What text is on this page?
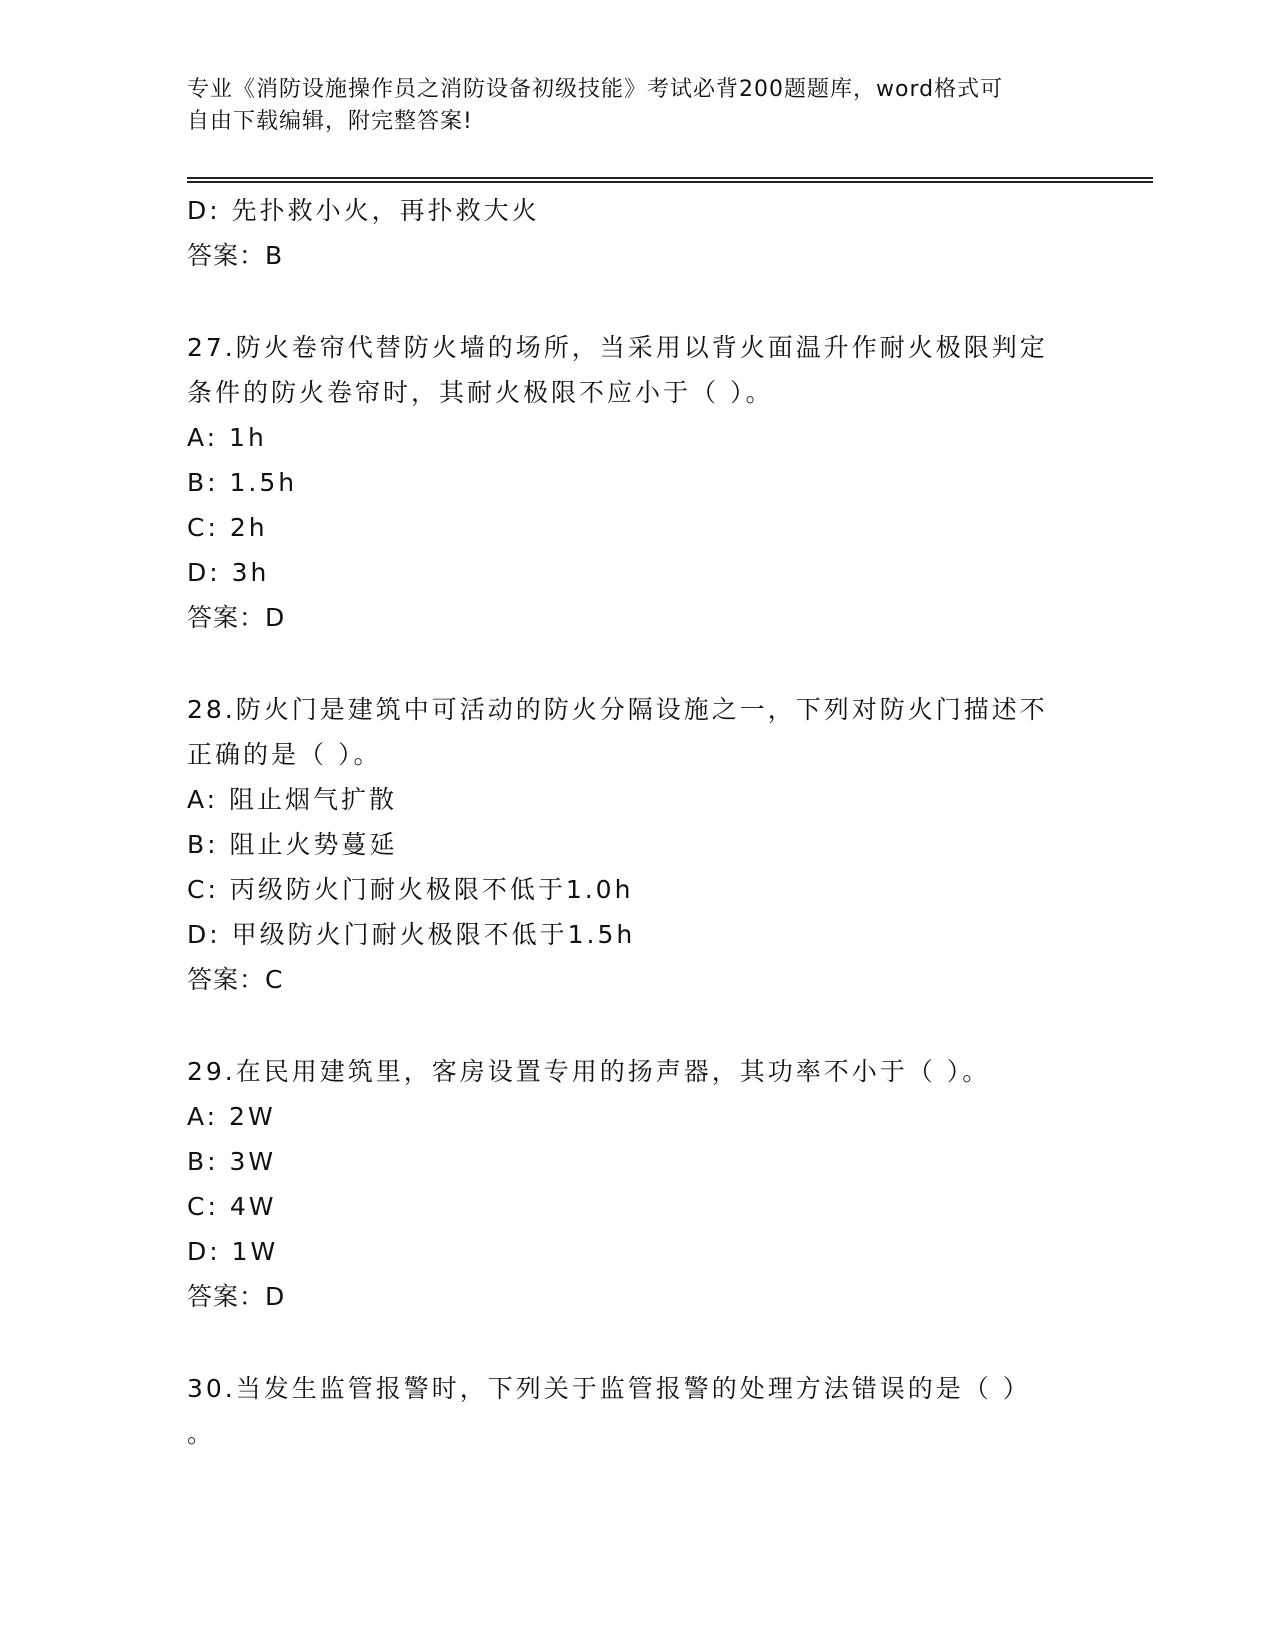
专业《消防设施操作员之消防设备初级技能》考试必背200题题库，word格式可
自由下载编辑，附完整答案!
D: 先扑救小火，再扑救大火
答案：B
27.防火卷帘代替防火墙的场所，当采用以背火面温升作耐火极限判定
条件的防火卷帘时，其耐火极限不应小于（ ）。
A: 1h
B: 1.5h
C: 2h
D: 3h
答案：D
28.防火门是建筑中可活动的防火分隔设施之一，下列对防火门描述不
正确的是（ ）。
A: 阻止烟气扩散
B: 阻止火势蔓延
C: 丙级防火门耐火极限不低于1.0h
D: 甲级防火门耐火极限不低于1.5h
答案：C
29.在民用建筑里，客房设置专用的扬声器，其功率不小于（ ）。
A: 2W
B: 3W
C: 4W
D: 1W
答案：D
30.当发生监管报警时，下列关于监管报警的处理方法错误的是（ ）
。
